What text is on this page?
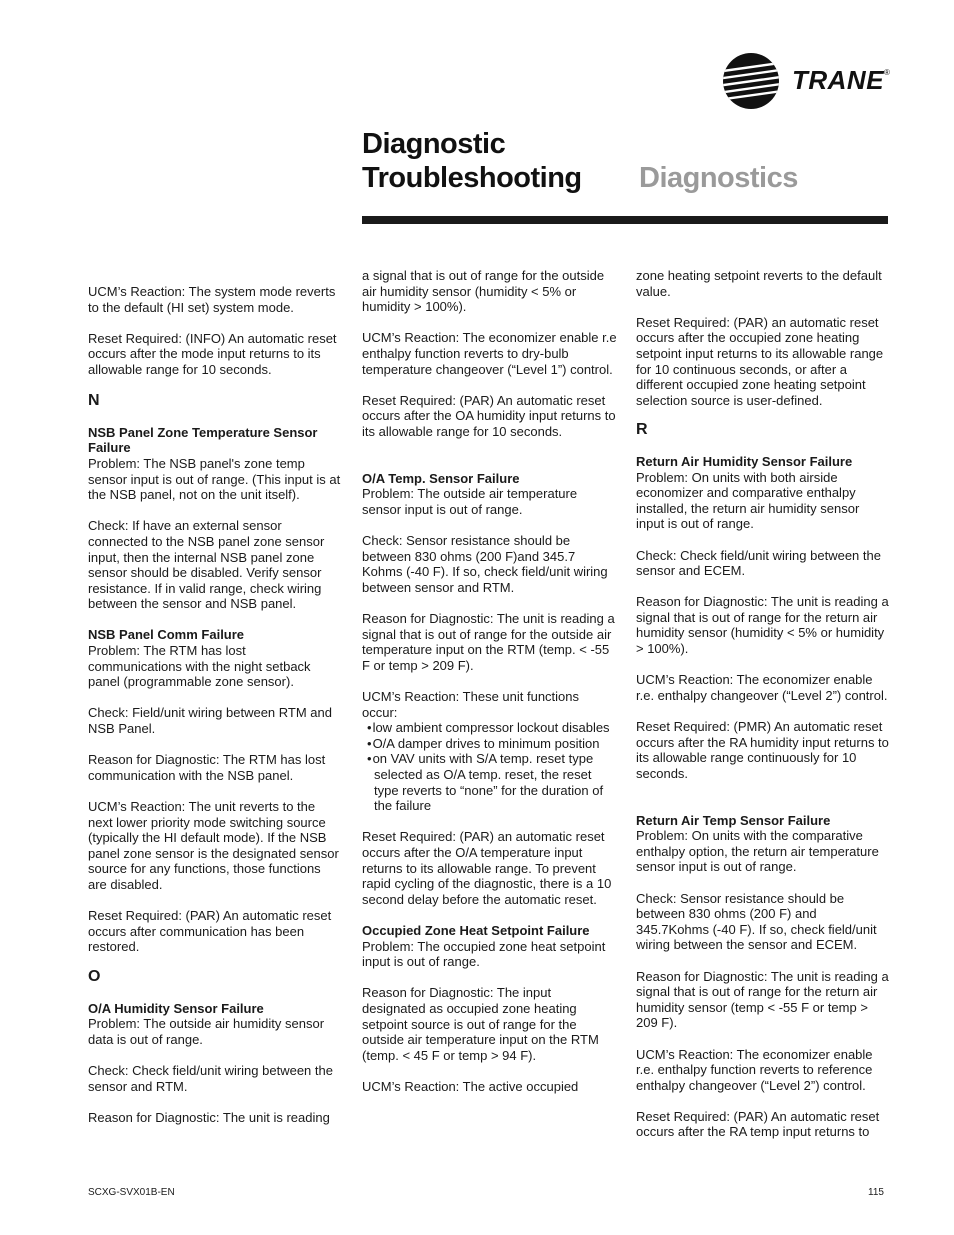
TRANE ®
Diagnostic
Troubleshooting	Diagnostics

UCM’s Reaction: The system mode reverts to the default (HI set) system mode.

Reset Required: (INFO) An automatic reset occurs after the mode input returns to its allowable range for 10 seconds.

N
NSB Panel Zone Temperature Sensor Failure

Problem: The NSB panel's zone temp sensor input is out of range. (This input is at the NSB panel, not on the unit itself).

Check: If have an external sensor connected to the NSB panel zone sensor input, then the internal NSB panel zone sensor should be disabled. Verify sensor resistance. If in valid range, check wiring between the sensor and NSB panel.

NSB Panel Comm Failure

Problem: The RTM has lost communications with the night setback panel (programmable zone sensor).

Check: Field/unit wiring between RTM and NSB Panel.

Reason for Diagnostic: The RTM has lost communication with the NSB panel.

UCM’s Reaction: The unit reverts to the next lower priority mode switching source (typically the HI default mode). If the NSB panel zone sensor is the designated sensor source for any functions, those functions are disabled.

Reset Required: (PAR) An automatic reset occurs after communication has been restored.

O
O/A Humidity Sensor Failure

Problem: The outside air humidity sensor data is out of range.

Check: Check field/unit wiring between the sensor and RTM.

Reason for Diagnostic: The unit is reading

a signal that is out of range for the outside air humidity sensor (humidity < 5% or humidity > 100%).

UCM’s Reaction: The economizer enable r.e enthalpy function reverts to dry-bulb temperature changeover (“Level 1”) control.

Reset Required: (PAR) An automatic reset occurs after the OA humidity input returns to its allowable range for 10 seconds.

O/A Temp. Sensor Failure

Problem: The outside air temperature sensor input is out of range.

Check: Sensor resistance should be between 830 ohms (200 F)and 345.7 Kohms (-40 F). If so, check field/unit wiring between sensor and RTM.

Reason for Diagnostic: The unit is reading a signal that is out of range for the outside air temperature input on the RTM (temp. < -55 F or temp > 209 F).

UCM’s Reaction: These unit functions occur:

• low ambient compressor lockout disables
• O/A damper drives to minimum position
• on VAV units with S/A temp. reset type selected as O/A temp. reset, the reset type reverts to “none” for the duration of the failure

Reset Required: (PAR) an automatic reset occurs after the O/A temperature input returns to its allowable range. To prevent rapid cycling of the diagnostic, there is a 10 second delay before the automatic reset.

Occupied Zone Heat Setpoint Failure

Problem: The occupied zone heat setpoint input is out of range.

Reason for Diagnostic: The input designated as occupied zone heating setpoint source is out of range for the outside air temperature input on the RTM (temp. < 45 F or temp > 94 F).

UCM’s Reaction: The active occupied

zone heating setpoint reverts to the default value.

Reset Required: (PAR) an automatic reset occurs after the occupied zone heating setpoint input returns to its allowable range for 10 continuous seconds, or after a different occupied zone heating setpoint selection source is user-defined.

R
Return Air Humidity Sensor Failure

Problem: On units with both airside economizer and comparative enthalpy installed, the return air humidity sensor input is out of range.

Check: Check field/unit wiring between the sensor and ECEM.

Reason for Diagnostic: The unit is reading a signal that is out of range for the return air humidity sensor (humidity < 5% or humidity > 100%).

UCM’s Reaction: The economizer enable r.e. enthalpy changeover (“Level 2”) control.

Reset Required: (PMR) An automatic reset occurs after the RA humidity input returns to its allowable range continuously for 10 seconds.

Return Air Temp Sensor Failure

Problem: On units with the comparative enthalpy option, the return air temperature sensor input is out of range.

Check: Sensor resistance should be between 830 ohms (200 F) and 345.7Kohms (-40 F). If so, check field/unit wiring between the sensor and ECEM.

Reason for Diagnostic: The unit is reading a signal that is out of range for the return air humidity sensor (temp < -55 F or temp > 209 F).

UCM’s Reaction: The economizer enable r.e. enthalpy function reverts to reference enthalpy changeover (“Level 2”) control.

Reset Required: (PAR) An automatic reset occurs after the RA temp input returns to

SCXG-SVX01B-EN	115
